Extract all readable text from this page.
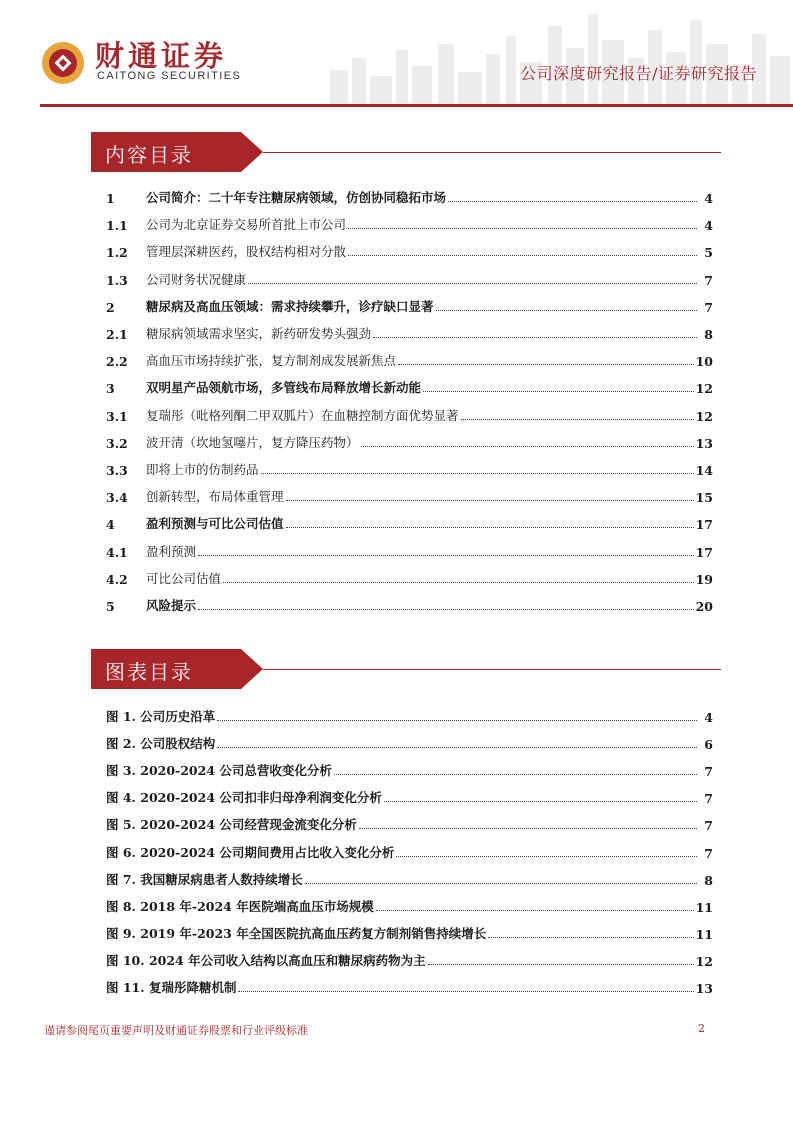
财通证券
CAITONG SECURITIES	公司深度研究报告/证券研究报告
内容目录
1	公司简介：二十年专注糖尿病领域，仿创协同稳拓市场	4
1.1	公司为北京证券交易所首批上市公司	4
1.2	管理层深耕医药，股权结构相对分散	5
1.3	公司财务状况健康	7
2	糖尿病及高血压领域：需求持续攀升，诊疗缺口显著	7
2.1	糖尿病领域需求坚实，新药研发势头强劲	8
2.2	高血压市场持续扩张，复方制剂成发展新焦点	10
3	双明星产品领航市场，多管线布局释放增长新动能	12
3.1	复瑞彤（吡格列酮二甲双胍片）在血糖控制方面优势显著	12
3.2	波开清（坎地氢噻片，复方降压药物）	13
3.3	即将上市的仿制药品	14
3.4	创新转型，布局体重管理	15
4	盈利预测与可比公司估值	17
4.1	盈利预测	17
4.2	可比公司估值	19
5	风险提示	20
图表目录
图 1. 公司历史沿革	4
图 2. 公司股权结构	6
图 3. 2020-2024 公司总营收变化分析	7
图 4. 2020-2024 公司扣非归母净利润变化分析	7
图 5. 2020-2024 公司经营现金流变化分析	7
图 6. 2020-2024 公司期间费用占比收入变化分析	7
图 7. 我国糖尿病患者人数持续增长	8
图 8. 2018 年-2024 年医院端高血压市场规模	11
图 9. 2019 年-2023 年全国医院抗高血压药复方制剂销售持续增长	11
图 10. 2024 年公司收入结构以高血压和糖尿病药物为主	12
图 11. 复瑞彤降糖机制	13
谨请参阅尾页重要声明及财通证券股票和行业评级标准	2
